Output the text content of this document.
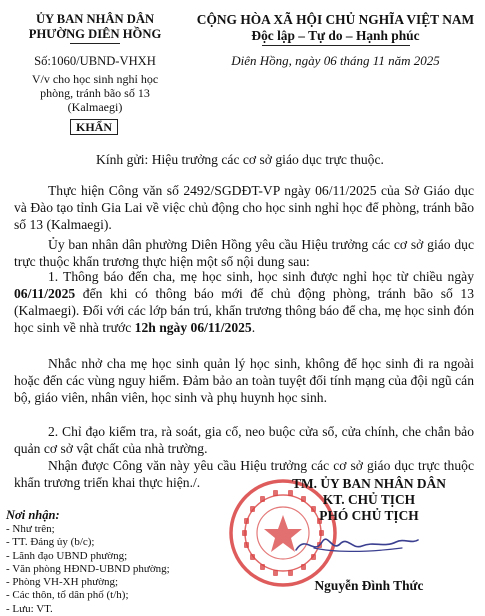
ỦY BAN NHÂN DÂN
PHƯỜNG DIÊN HỒNG
Số:1060/UBND-VHXH
V/v cho học sinh nghỉ học
phòng, tránh bão số 13
(Kalmaegi)
KHẨN
CỘNG HÒA XÃ HỘI CHỦ NGHĨA VIỆT NAM
Độc lập – Tự do – Hạnh phúc
Diên Hồng, ngày 06 tháng 11 năm 2025
Kính gửi: Hiệu trưởng các cơ sở giáo dục trực thuộc.
Thực hiện Công văn số 2492/SGDĐT-VP ngày 06/11/2025 của Sở Giáo dục và Đào tạo tỉnh Gia Lai về việc chủ động cho học sinh nghỉ học để phòng, tránh bão số 13 (Kalmaegi).
Ủy ban nhân dân phường Diên Hồng yêu cầu Hiệu trưởng các cơ sở giáo dục trực thuộc khẩn trương thực hiện một số nội dung sau:
1. Thông báo đến cha, mẹ học sinh, học sinh được nghỉ học từ chiều ngày 06/11/2025 đến khi có thông báo mới để chủ động phòng, tránh bão số 13 (Kalmaegi). Đối với các lớp bán trú, khẩn trương thông báo để cha, mẹ học sinh đón học sinh về nhà trước 12h ngày 06/11/2025.
Nhắc nhở cha mẹ học sinh quản lý học sinh, không để học sinh đi ra ngoài hoặc đến các vùng nguy hiểm. Đảm bảo an toàn tuyệt đối tính mạng của đội ngũ cán bộ, giáo viên, nhân viên, học sinh và phụ huynh học sinh.
2. Chỉ đạo kiểm tra, rà soát, gia cố, neo buộc cửa sổ, cửa chính, che chắn bảo quản cơ sở vật chất của nhà trường.
Nhận được Công văn này yêu cầu Hiệu trưởng các cơ sở giáo dục trực thuộc khẩn trương triển khai thực hiện./.
Nơi nhận:
- Như trên;
- TT. Đảng ủy (b/c);
- Lãnh đạo UBND phường;
- Văn phòng HĐND-UBND phường;
- Phòng VH-XH phường;
- Các thôn, tổ dân phố (t/h);
- Lưu: VT.
TM. ỦY BAN NHÂN DÂN
KT. CHỦ TỊCH
PHÓ CHỦ TỊCH
Nguyễn Đình Thức
